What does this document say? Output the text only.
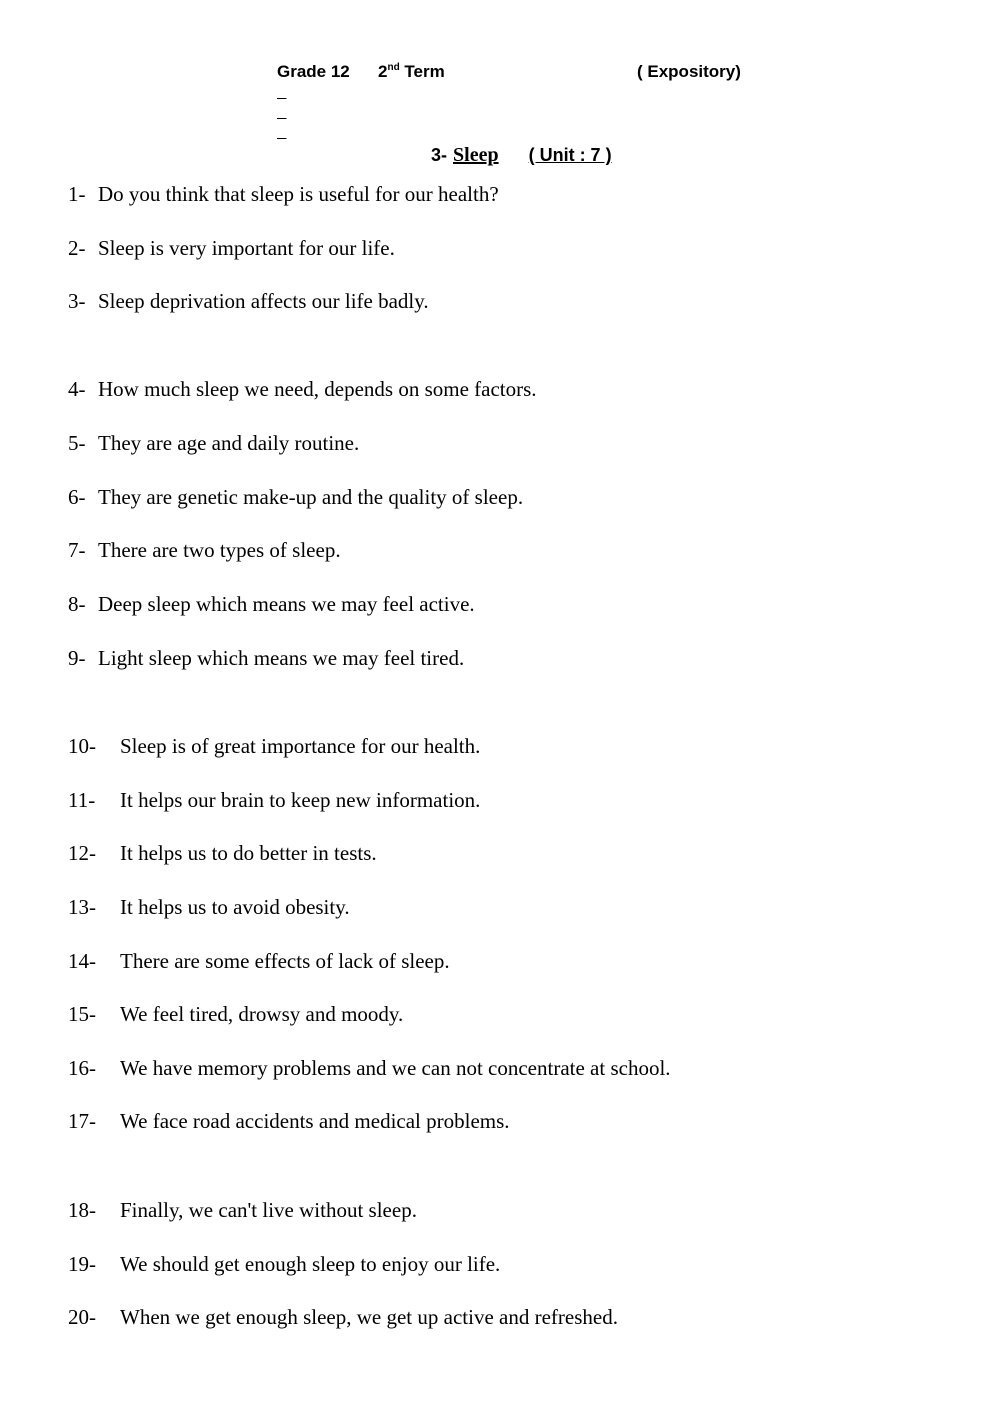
Grade 12

2nd Term

	( Expository)

3- Sleep ( Unit : 7 )

1- Do you think that sleep is useful for our health?
2- Sleep is very important for our life.
3- Sleep deprivation affects our life badly.
4- How much sleep we need, depends on some factors.
5- They are age and daily routine.
6- They are genetic make-up and the quality of sleep.
7- There are two types of sleep.
8- Deep sleep which means we may feel active.
9- Light sleep which means we may feel tired.
10- Sleep is of great importance for our health.
11- It helps our brain to keep new information.
12- It helps us to do better in tests.
13- It helps us to avoid obesity.
14- There are some effects of lack of sleep.
15- We feel tired, drowsy and moody.
16- We have memory problems and we can not concentrate at school.
17- We face road accidents and medical problems.
18- Finally, we can't live without sleep.
19- We should get enough sleep to enjoy our life.
20- When we get enough sleep, we get up active and refreshed.
